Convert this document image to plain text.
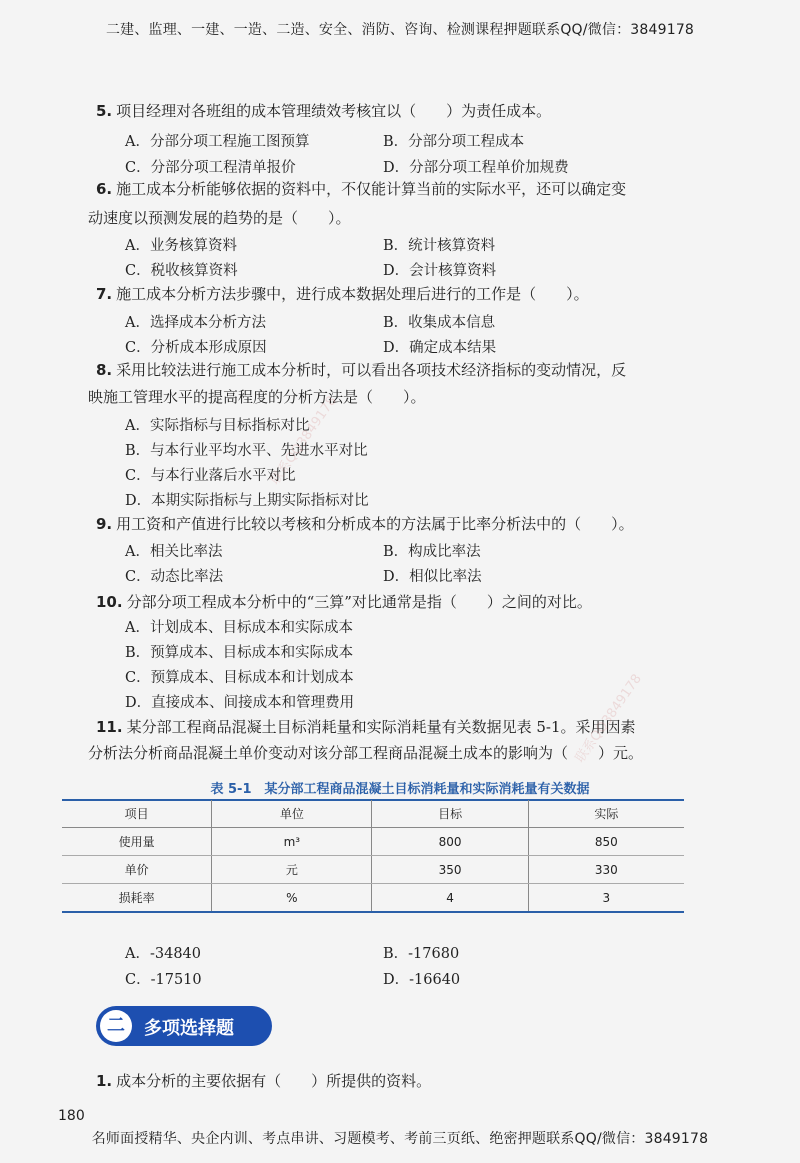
二建、监理、一建、一造、二造、安全、消防、咨询、检测课程押题联系QQ/微信：3849178
5. 项目经理对各班组的成本管理绩效考核宜以（　　）为责任成本。
A．分部分项工程施工图预算	B．分部分项工程成本
C．分部分项工程清单报价	D．分部分项工程单价加规费
6. 施工成本分析能够依据的资料中，不仅能计算当前的实际水平，还可以确定变
动速度以预测发展的趋势的是（　　）。
A．业务核算资料	B．统计核算资料
C．税收核算资料	D．会计核算资料
7. 施工成本分析方法步骤中，进行成本数据处理后进行的工作是（　　）。
A．选择成本分析方法	B．收集成本信息
C．分析成本形成原因	D．确定成本结果
8. 采用比较法进行施工成本分析时，可以看出各项技术经济指标的变动情况，反
映施工管理水平的提高程度的分析方法是（　　）。
A．实际指标与目标指标对比
B．与本行业平均水平、先进水平对比
C．与本行业落后水平对比
D．本期实际指标与上期实际指标对比
9. 用工资和产值进行比较以考核和分析成本的方法属于比率分析法中的（　　）。
A．相关比率法	B．构成比率法
C．动态比率法	D．相似比率法
10. 分部分项工程成本分析中的“三算”对比通常是指（　　）之间的对比。
A．计划成本、目标成本和实际成本
B．预算成本、目标成本和实际成本
C．预算成本、目标成本和计划成本
D．直接成本、间接成本和管理费用
11. 某分部工程商品混凝土目标消耗量和实际消耗量有关数据见表 5-1。采用因素
分析法分析商品混凝土单价变动对该分部工程商品混凝土成本的影响为（　　）元。
表 5-1　某分部工程商品混凝土目标消耗量和实际消耗量有关数据
项目	单位	目标	实际
使用量	m³	800	850
单价	元	350	330
损耗率	%	4	3
A．-34840	B．-17680
C．-17510	D．-16640
二	多项选择题
1. 成本分析的主要依据有（　　）所提供的资料。
180
名师面授精华、央企内训、考点串讲、习题模考、考前三页纸、绝密押题联系QQ/微信：3849178
联系QQ3849178
联系QQ3849178
